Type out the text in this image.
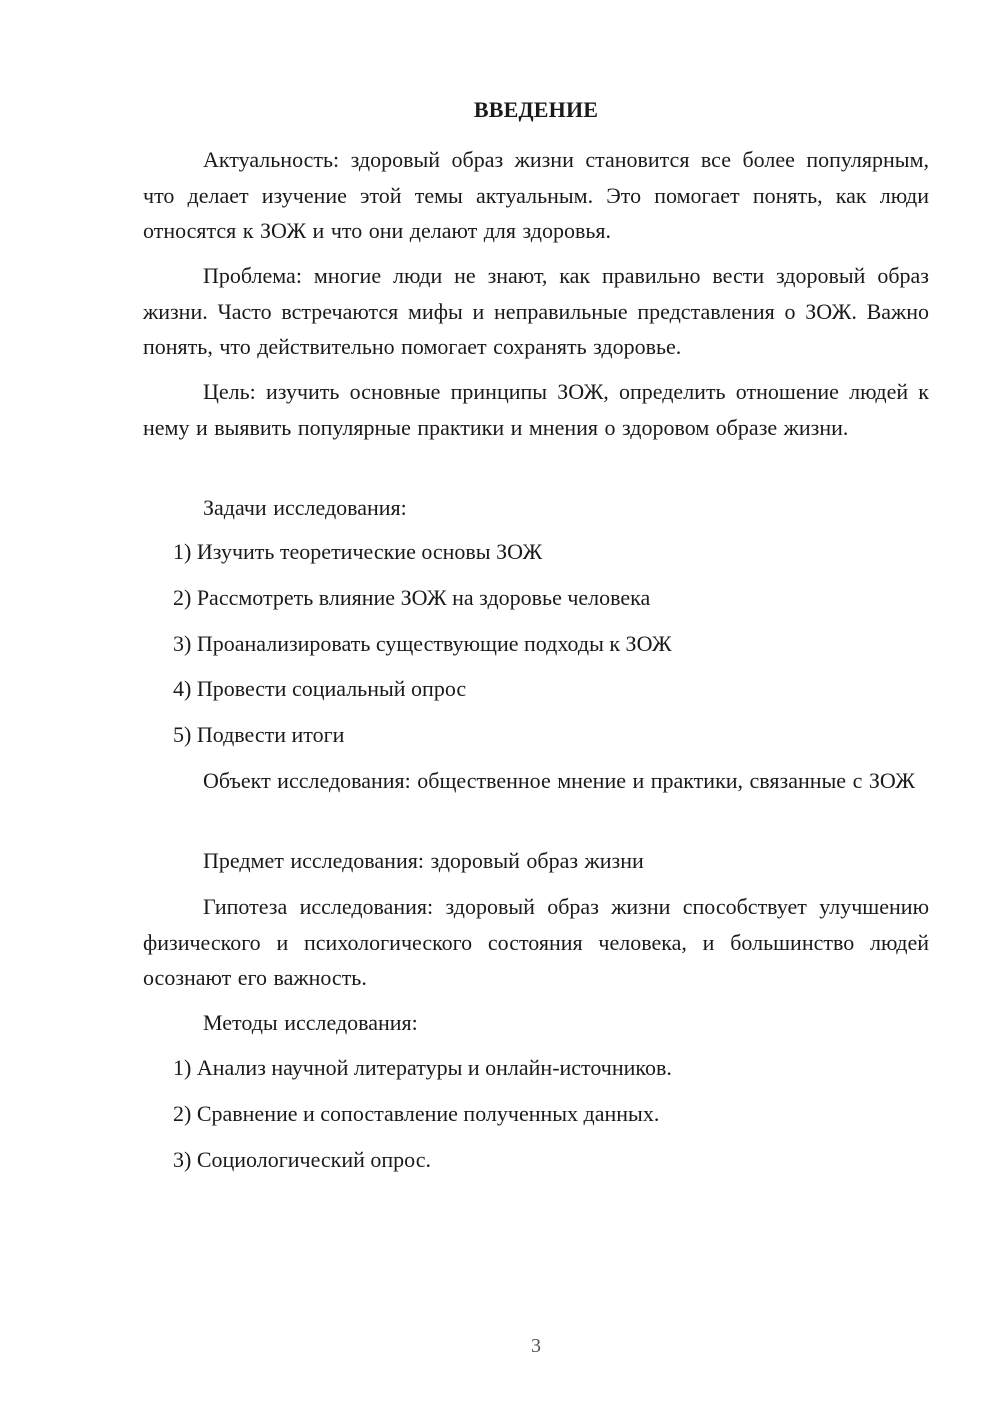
ВВЕДЕНИЕ

Актуальность: здоровый образ жизни становится все более популярным, что делает изучение этой темы актуальным. Это помогает понять, как люди относятся к ЗОЖ и что они делают для здоровья.

Проблема: многие люди не знают, как правильно вести здоровый образ жизни. Часто встречаются мифы и неправильные представления о ЗОЖ. Важно понять, что действительно помогает сохранять здоровье.

Цель: изучить основные принципы ЗОЖ, определить отношение людей к нему и выявить популярные практики и мнения о здоровом образе жизни.

Задачи исследования:

1) Изучить теоретические основы ЗОЖ

2) Рассмотреть влияние ЗОЖ на здоровье человека

3) Проанализировать существующие подходы к ЗОЖ

4) Провести социальный опрос

5) Подвести итоги

Объект исследования: общественное мнение и практики, связанные с ЗОЖ

Предмет исследования: здоровый образ жизни

Гипотеза исследования: здоровый образ жизни способствует улучшению физического и психологического состояния человека, и большинство людей осознают его важность.

Методы исследования:

1) Анализ научной литературы и онлайн-источников.

2) Сравнение и сопоставление полученных данных.

3) Социологический опрос.

3
